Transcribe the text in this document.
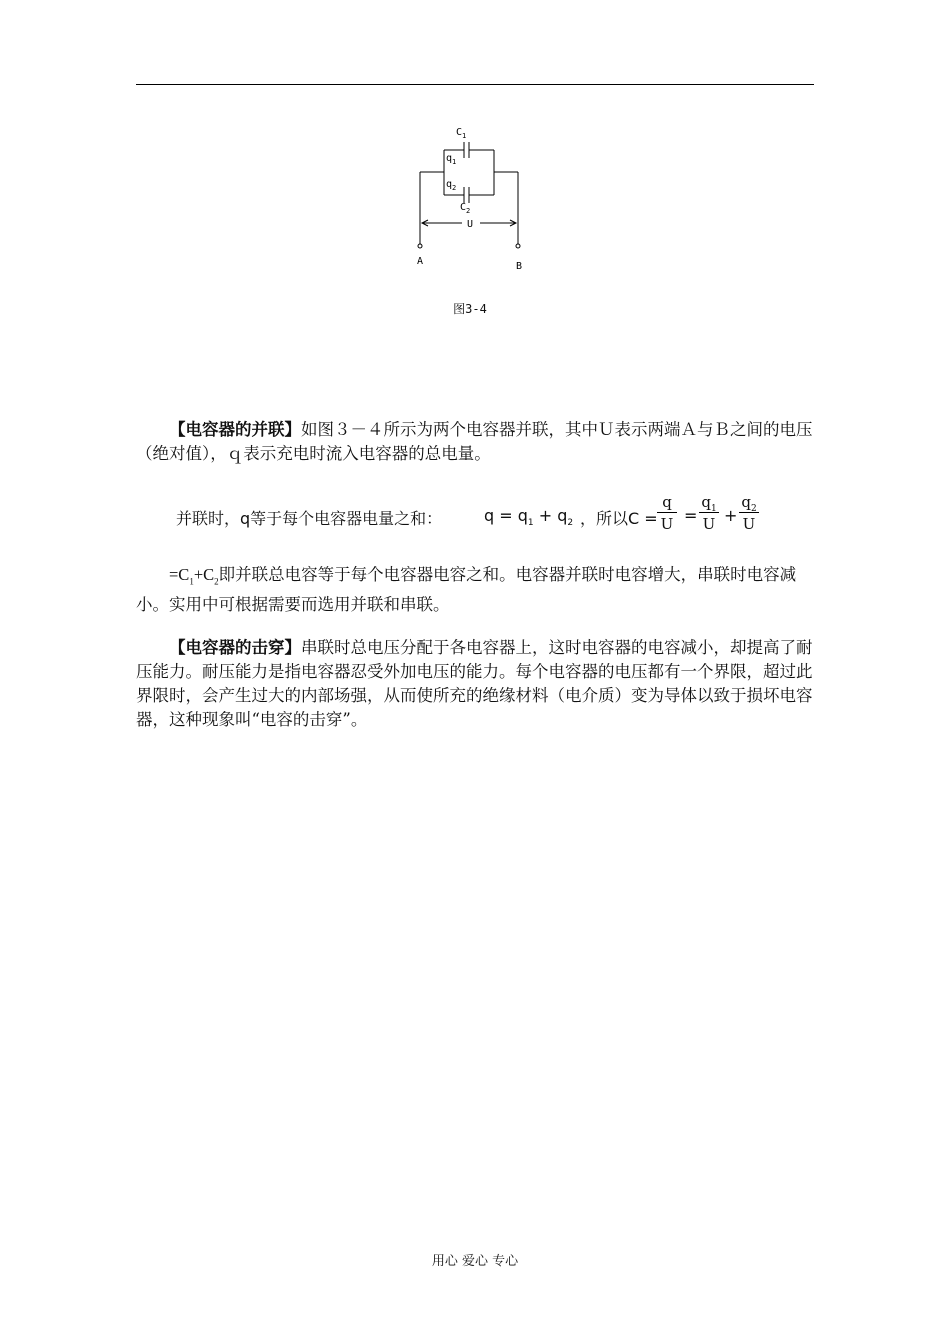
$C_1$
$q_1$
$q_2$
$C_2$
U
A	B
图3-4
【电容器的并联】如图３－４所示为两个电容器并联，其中Ｕ表示两端Ａ与Ｂ之间的电压（绝对值），ｑ表示充电时流入电容器的总电量。
并联时，q等于每个电容器电量之和：	$q = q_1 + q_2$ ，所以C =
q
U =
$q_1$
U +
$q_2$
U
$=C_1+C_2$即并联总电容等于每个电容器电容之和。电容器并联时电容增大，串联时电容减小。实用中可根据需要而选用并联和串联。
【电容器的击穿】串联时总电压分配于各电容器上，这时电容器的电容减小，却提高了耐压能力。耐压能力是指电容器忍受外加电压的能力。每个电容器的电压都有一个界限，超过此界限时，会产生过大的内部场强，从而使所充的绝缘材料（电介质）变为导体以致于损坏电容器，这种现象叫“电容的击穿”。
用心 爱心 专心
